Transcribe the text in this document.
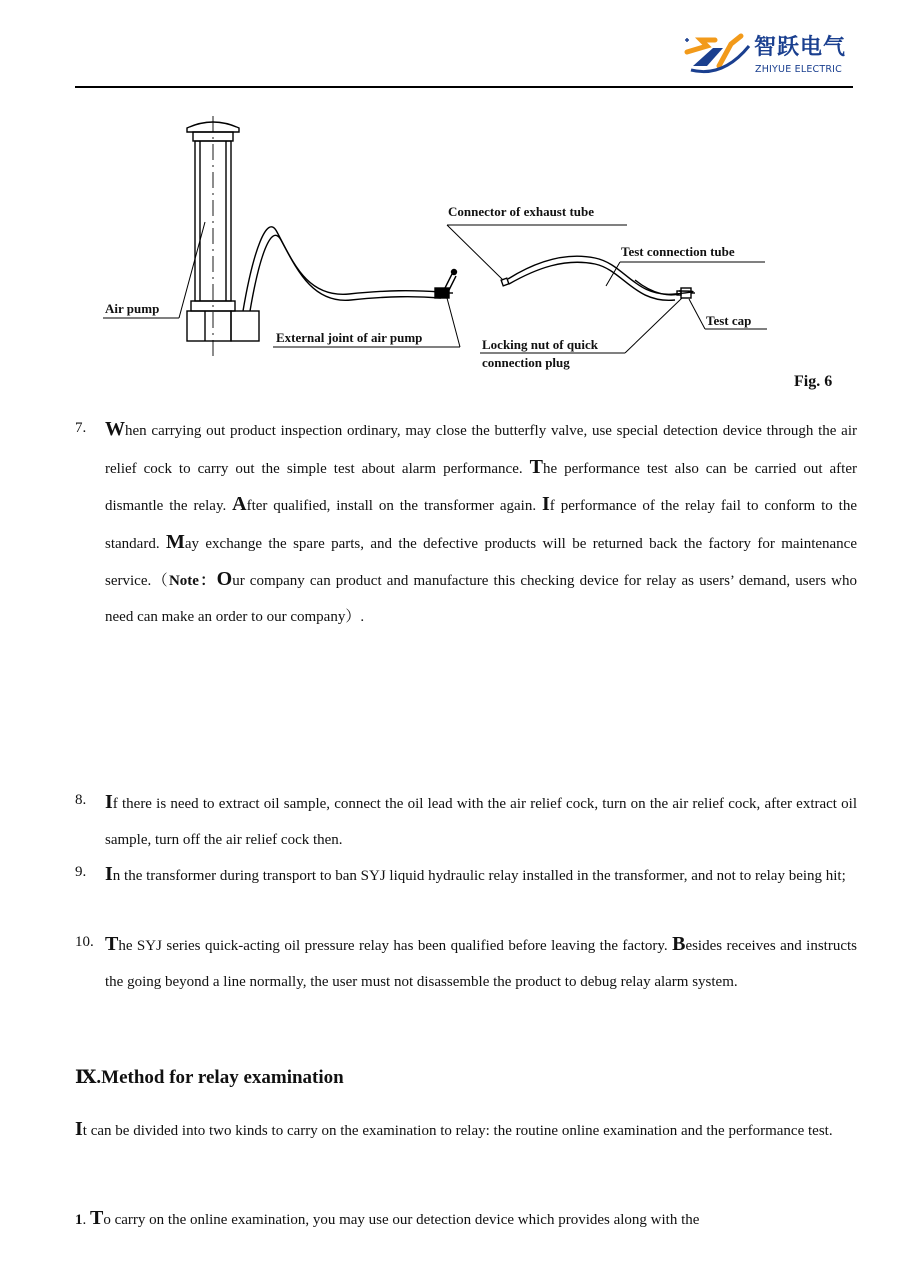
智跃电气
ZHIYUE ELECTRIC
Air pump
External joint of air pump
Connector of exhaust tube
Test connection tube
Test cap
Locking nut of quick
connection plug
Fig. 6
7. When carrying out product inspection ordinary, may close the butterfly valve, use special detection device through the air relief cock to carry out the simple test about alarm performance. The performance test also can be carried out after dismantle the relay. After qualified, install on the transformer again. If performance of the relay fail to conform to the standard. May exchange the spare parts, and the defective products will be returned back the factory for maintenance service.（Note：Our company can product and manufacture this checking device for relay as users’ demand, users who need can make an order to our company）.
8. If there is need to extract oil sample, connect the oil lead with the air relief cock, turn on the air relief cock, after extract oil sample, turn off the air relief cock then.
9. In the transformer during transport to ban SYJ liquid hydraulic relay installed in the transformer, and not to relay being hit;
10. The SYJ series quick-acting oil pressure relay has been qualified before leaving the factory. Besides receives and instructs the going beyond a line normally, the user must not disassemble the product to debug relay alarm system.
Ⅸ.Method for relay examination
It can be divided into two kinds to carry on the examination to relay: the routine online examination and the performance test.
1. To carry on the online examination, you may use our detection device which provides along with the
